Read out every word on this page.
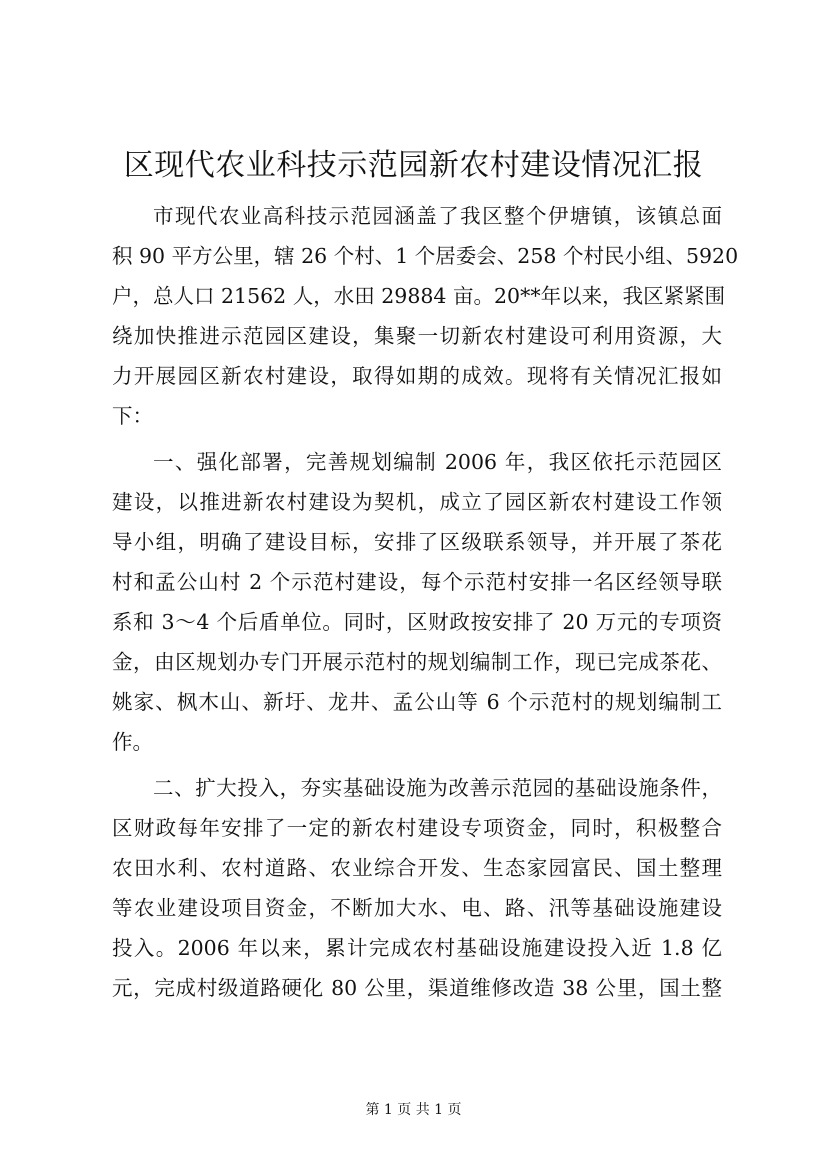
区现代农业科技示范园新农村建设情况汇报
市现代农业高科技示范园涵盖了我区整个伊塘镇，该镇总面
积 90 平方公里，辖 26 个村、1 个居委会、258 个村民小组、5920
户，总人口 21562 人，水田 29884 亩。20**年以来，我区紧紧围
绕加快推进示范园区建设，集聚一切新农村建设可利用资源，大
力开展园区新农村建设，取得如期的成效。现将有关情况汇报如
下：
一、强化部署，完善规划编制 2006 年，我区依托示范园区
建设，以推进新农村建设为契机，成立了园区新农村建设工作领
导小组，明确了建设目标，安排了区级联系领导，并开展了茶花
村和孟公山村 2 个示范村建设，每个示范村安排一名区经领导联
系和 3～4 个后盾单位。同时，区财政按安排了 20 万元的专项资
金，由区规划办专门开展示范村的规划编制工作，现已完成茶花、
姚家、枫木山、新圩、龙井、孟公山等 6 个示范村的规划编制工
作。
二、扩大投入，夯实基础设施为改善示范园的基础设施条件，
区财政每年安排了一定的新农村建设专项资金，同时，积极整合
农田水利、农村道路、农业综合开发、生态家园富民、国土整理
等农业建设项目资金，不断加大水、电、路、汛等基础设施建设
投入。2006 年以来，累计完成农村基础设施建设投入近 1.8 亿
元，完成村级道路硬化 80 公里，渠道维修改造 38 公里，国土整
第 1 页 共 1 页
